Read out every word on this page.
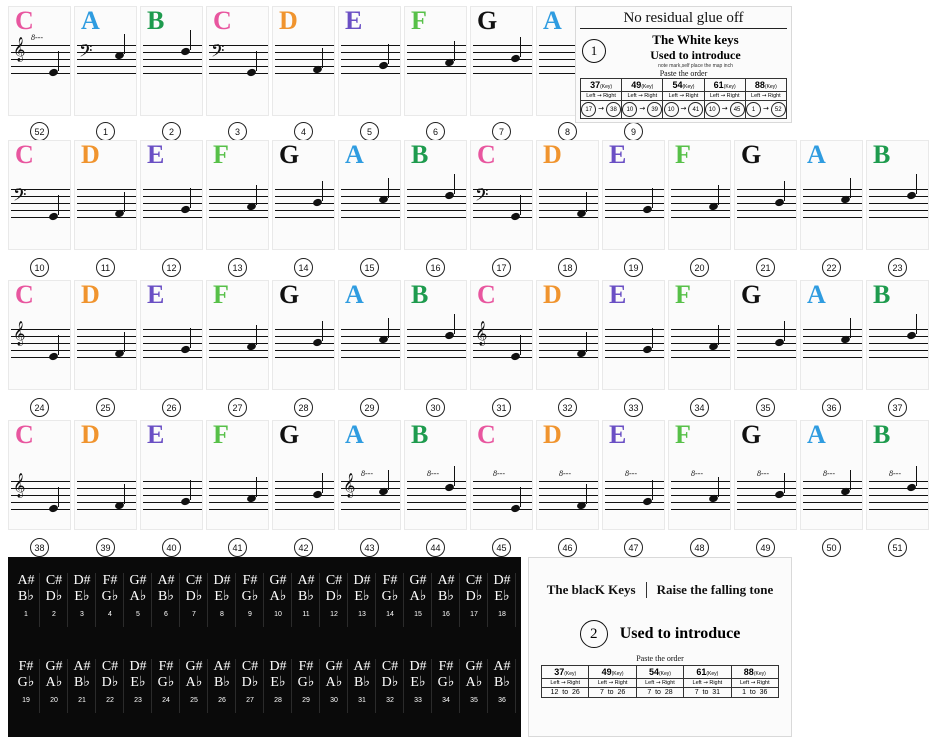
C
𝄞 8---
A
𝄢
B C
𝄢
D E F G A
52	1	2	3	4	5	6	7	8	9
C
𝄢
D E F G A B C
𝄢
D E F G A B
10	11	12	13	14	15	16	17	18	19	20	21	22	23
C
𝄞
D E F G A B C
𝄞
D E F G A B
24	25	26	27	28	29	30	31	32	33	34	35	36	37
C
𝄞
D E F G A
𝄞 8---
B
8---
C
8---
D
8---
E
8---
F
8---
G
8---
A
8---
B
8---
38	39	40	41	42	43	44	45	46	47	48	49	50	51
A#
B♭
1
C#
D♭
2
D#
E♭
3
F#
G♭
4
G#
A♭
5
A#
B♭
6
C#
D♭
7
D#
E♭
8
F#
G♭
9
G#
A♭
10
A#
B♭
11
C#
D♭
12
D#
E♭
13
F#
G♭
14
G#
A♭
15
A#
B♭
16
C#
D♭
17
D#
E♭
18
F#
G♭
19
G#
A♭
20
A#
B♭
21
C#
D♭
22
D#
E♭
23
F#
G♭
24
G#
A♭
25
A#
B♭
26
C#
D♭
27
D#
E♭
28
F#
G♭
29
G#
A♭
30
A#
B♭
31
C#
D♭
32
D#
E♭
33
F#
G♭
34
G#
A♭
35
A#
B♭
36
No residual glue off
1
The White keys
Used to introduce
note mark,self place the map inch
Paste the order
37(Key)	49(Key)	54(Key)	61(Key)	88(Key)
Left → Right	Left → Right	Left → Right	Left → Right	Left → Right
17 → 38	10 → 39	10 → 41	10 → 45	1 → 52
The blacK Keys Raise the falling tone
2	Used to introduce
Paste the order
37(Key)	49(Key)	54(Key)	61(Key)	88(Key)
Left → Right	Left → Right	Left → Right	Left → Right	Left → Right
12  to  26	7  to  26	7  to  28	7  to  31	1  to  36
